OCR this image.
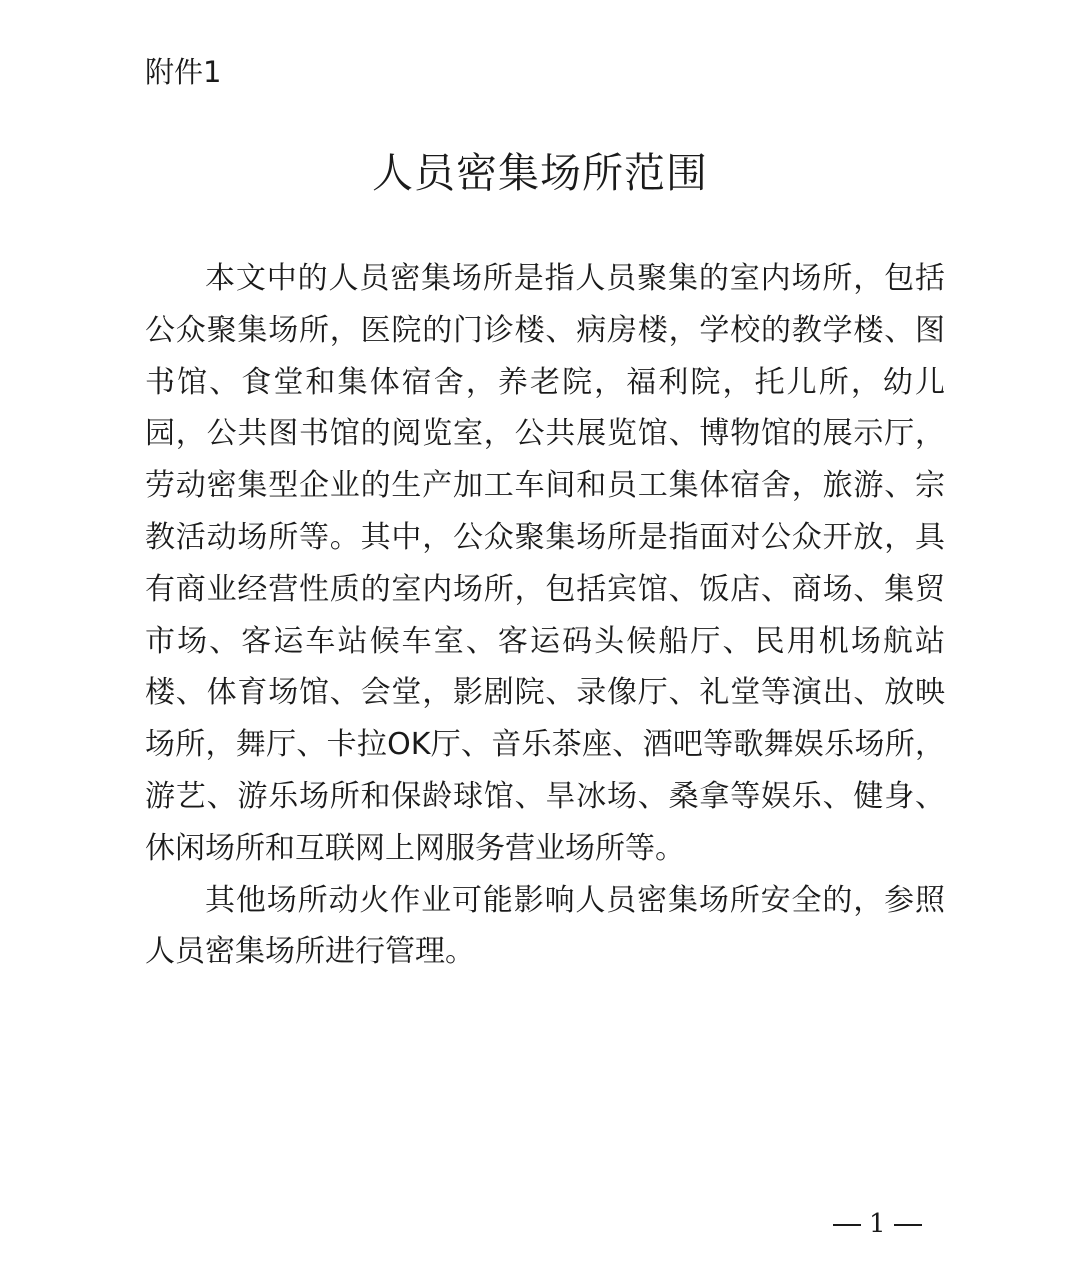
附件1
人员密集场所范围

本文中的人员密集场所是指人员聚集的室内场所，包括公众聚集场所，医院的门诊楼、病房楼，学校的教学楼、图书馆、食堂和集体宿舍，养老院，福利院，托儿所，幼儿园，公共图书馆的阅览室，公共展览馆、博物馆的展示厅，劳动密集型企业的生产加工车间和员工集体宿舍，旅游、宗教活动场所等。其中，公众聚集场所是指面对公众开放，具有商业经营性质的室内场所，包括宾馆、饭店、商场、集贸市场、客运车站候车室、客运码头候船厅、民用机场航站楼、体育场馆、会堂，影剧院、录像厅、礼堂等演出、放映场所，舞厅、卡拉OK厅、音乐茶座、酒吧等歌舞娱乐场所，游艺、游乐场所和保龄球馆、旱冰场、桑拿等娱乐、健身、休闲场所和互联网上网服务营业场所等。

其他场所动火作业可能影响人员密集场所安全的，参照人员密集场所进行管理。

1
